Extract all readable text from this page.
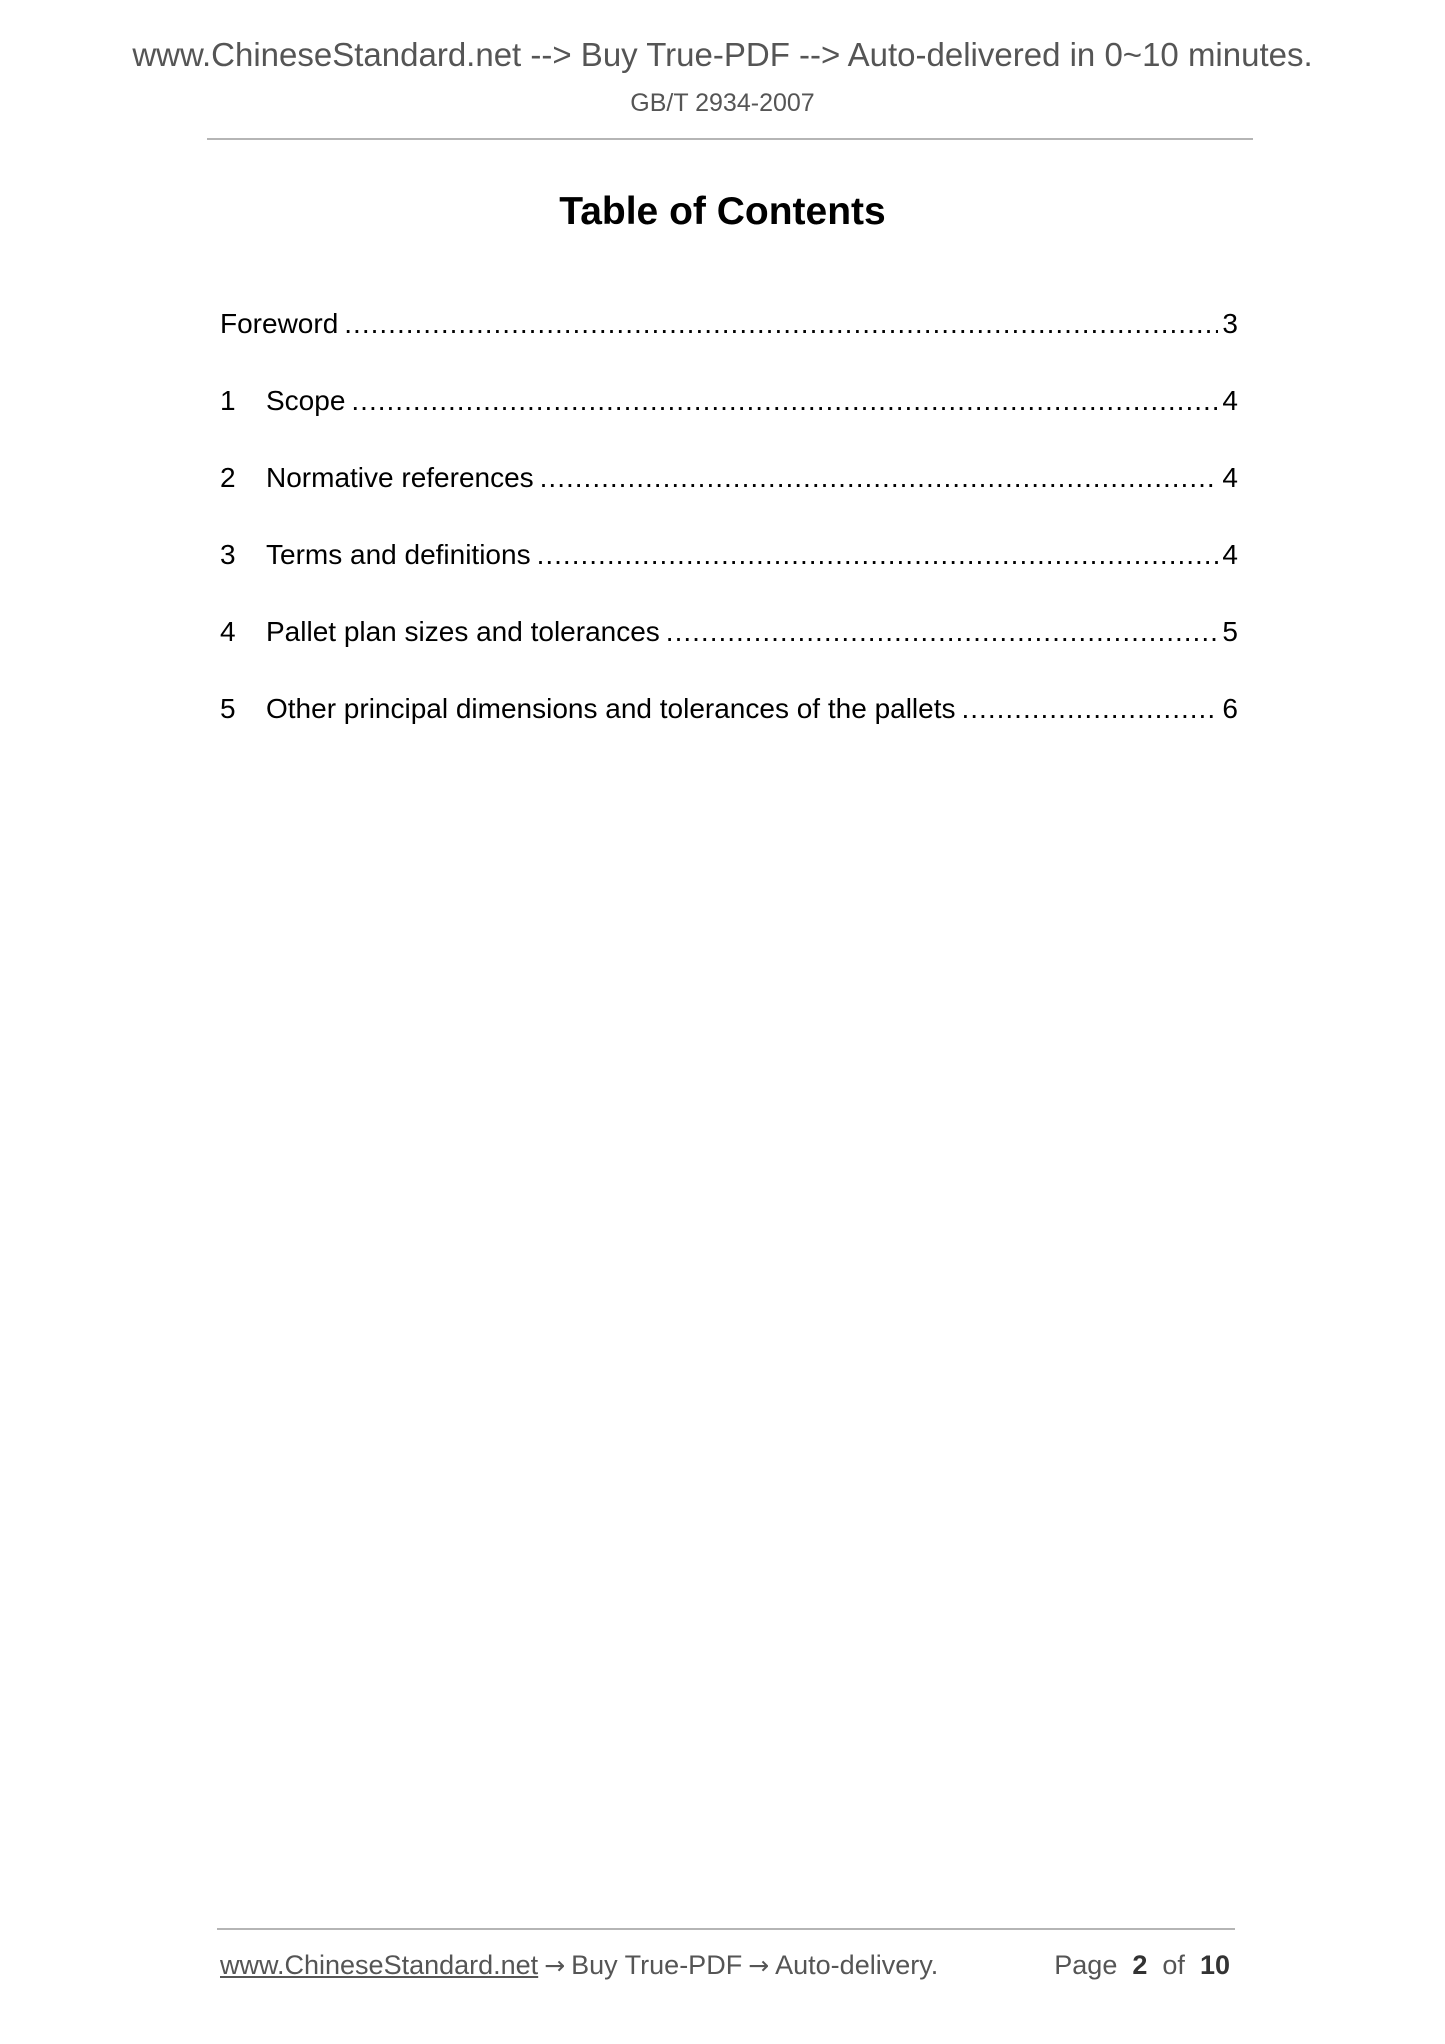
www.ChineseStandard.net --> Buy True-PDF --> Auto-delivered in 0~10 minutes.
GB/T 2934-2007
Table of Contents
Foreword .....	3
1	Scope .....	4
2	Normative references .....	4
3	Terms and definitions .....	4
4	Pallet plan sizes and tolerances .....	5
5	Other principal dimensions and tolerances of the pallets .....	6
www.ChineseStandard.net → Buy True-PDF → Auto-delivery.	Page 2 of 10
